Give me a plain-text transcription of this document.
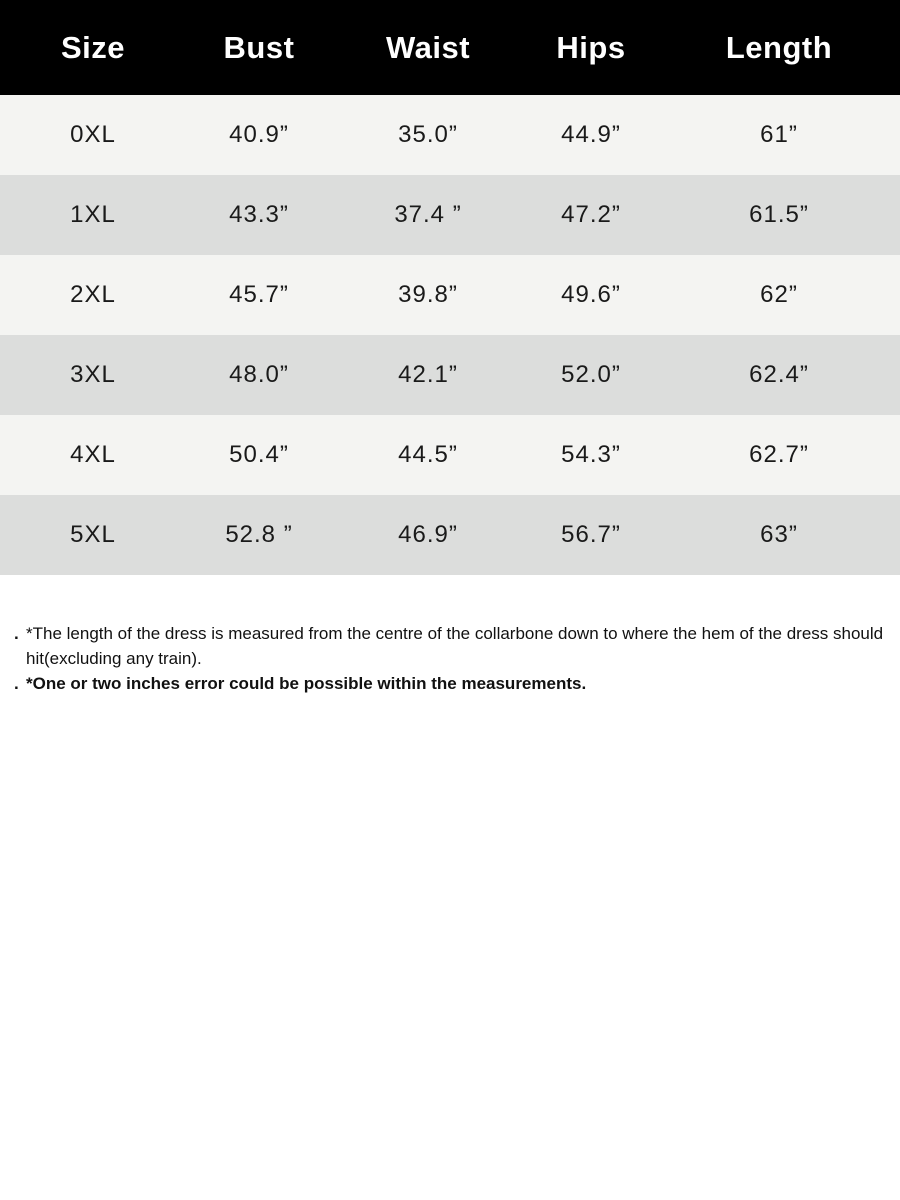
Size	Bust	Waist	Hips	Length
0XL	40.9”	35.0”	44.9”	61”
1XL	43.3”	37.4 ”	47.2”	61.5”
2XL	45.7”	39.8”	49.6”	62”
3XL	48.0”	42.1”	52.0”	62.4”
4XL	50.4”	44.5”	54.3”	62.7”
5XL	52.8 ”	46.9”	56.7”	63”
. *The length of the dress is measured from the centre of the collarbone down to where the hem of the dress should hit(excluding any train).
. *One or two inches error could be possible within the measurements.
